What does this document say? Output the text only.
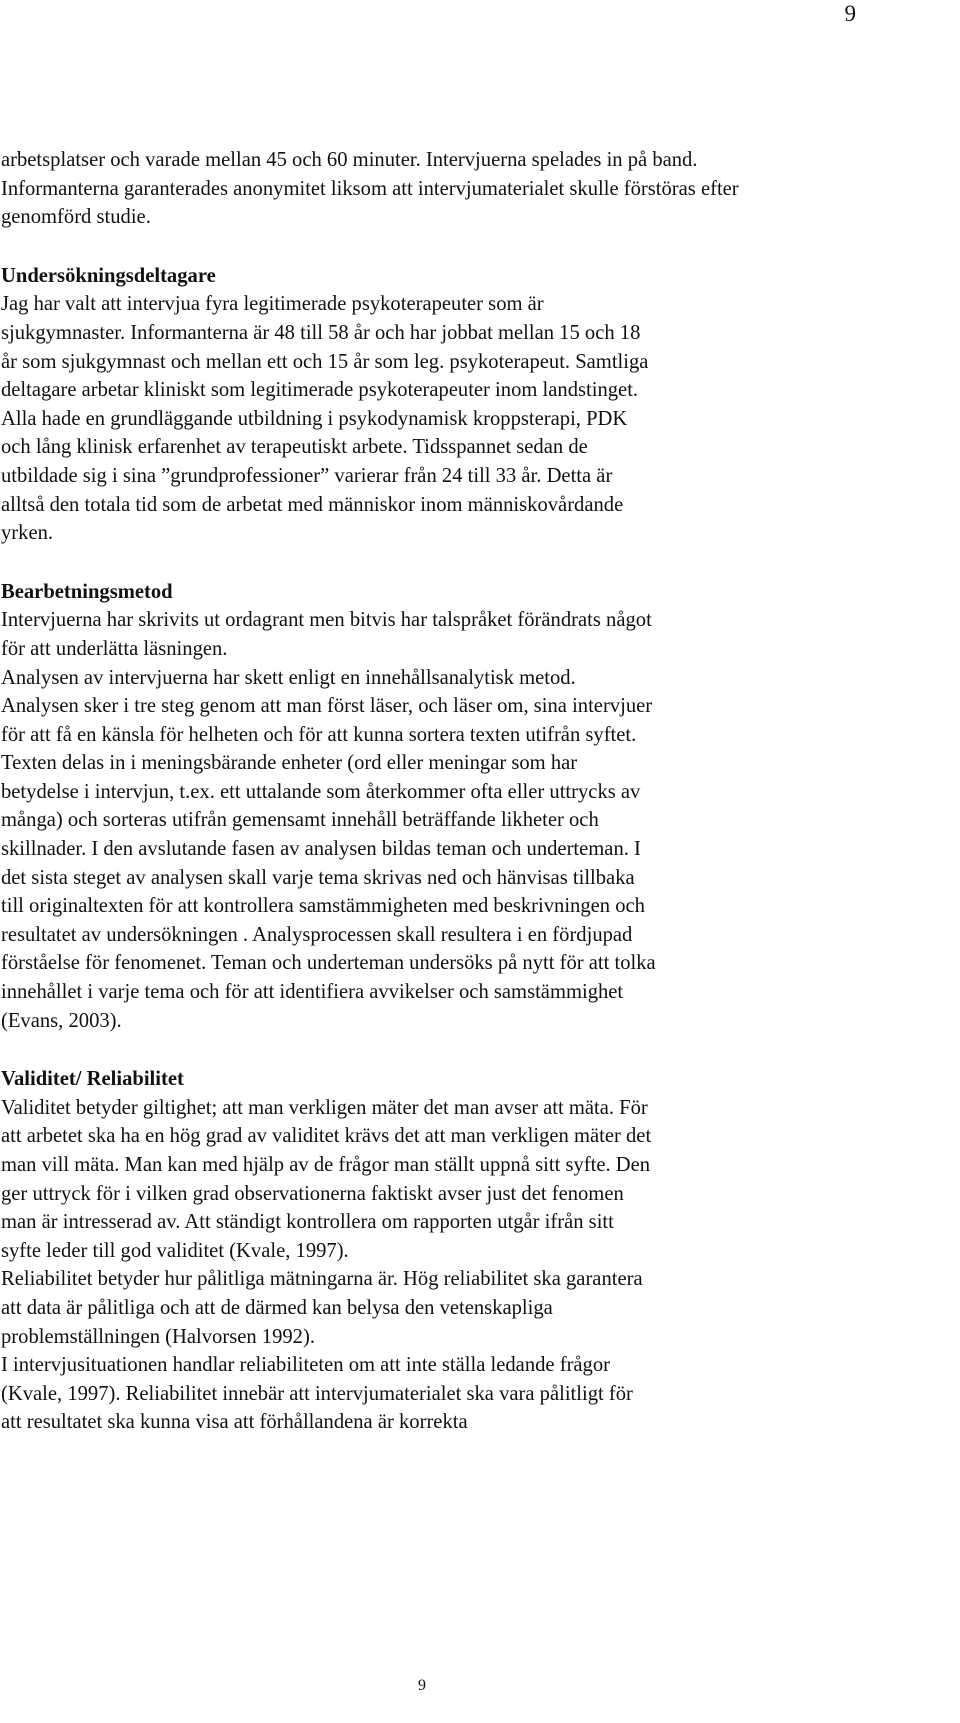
9
arbetsplatser och varade mellan 45 och 60 minuter. Intervjuerna spelades in på band.
Informanterna garanterades anonymitet liksom att intervjumaterialet skulle förstöras efter
genomförd studie.
Undersökningsdeltagare
Jag har valt att intervjua fyra legitimerade psykoterapeuter som är
sjukgymnaster. Informanterna är 48 till 58 år och har jobbat mellan 15 och 18
år som sjukgymnast och mellan ett och 15 år som leg. psykoterapeut. Samtliga
deltagare arbetar kliniskt som legitimerade psykoterapeuter inom landstinget.
Alla hade en grundläggande utbildning i psykodynamisk kroppsterapi, PDK
och lång klinisk erfarenhet av terapeutiskt arbete. Tidsspannet sedan de
utbildade sig i sina ”grundprofessioner” varierar från 24 till 33 år. Detta är
alltså den totala tid som de arbetat med människor inom människovårdande
yrken.
Bearbetningsmetod
Intervjuerna har skrivits ut ordagrant men bitvis har talspråket förändrats något
för att underlätta läsningen.
Analysen av intervjuerna har skett enligt en innehållsanalytisk metod.
Analysen sker i tre steg genom att man först läser, och läser om, sina intervjuer
för att få en känsla för helheten och för att kunna sortera texten utifrån syftet.
Texten delas in i meningsbärande enheter (ord eller meningar som har
betydelse i intervjun, t.ex. ett uttalande som återkommer ofta eller uttrycks av
många) och sorteras utifrån gemensamt innehåll beträffande likheter och
skillnader. I den avslutande fasen av analysen bildas teman och underteman. I
det sista steget av analysen skall varje tema skrivas ned och hänvisas tillbaka
till originaltexten för att kontrollera samstämmigheten med beskrivningen och
resultatet av undersökningen . Analysprocessen skall resultera i en fördjupad
förståelse för fenomenet. Teman och underteman undersöks på nytt för att tolka
innehållet i varje tema och för att identifiera avvikelser och samstämmighet
(Evans, 2003).
Validitet/ Reliabilitet
Validitet betyder giltighet; att man verkligen mäter det man avser att mäta. För
att arbetet ska ha en hög grad av validitet krävs det att man verkligen mäter det
man vill mäta. Man kan med hjälp av de frågor man ställt uppnå sitt syfte. Den
ger uttryck för i vilken grad observationerna faktiskt avser just det fenomen
man är intresserad av. Att ständigt kontrollera om rapporten utgår ifrån sitt
syfte leder till god validitet (Kvale, 1997).
Reliabilitet betyder hur pålitliga mätningarna är. Hög reliabilitet ska garantera
att data är pålitliga och att de därmed kan belysa den vetenskapliga
problemställningen (Halvorsen 1992).
I intervjusituationen handlar reliabiliteten om att inte ställa ledande frågor
(Kvale, 1997). Reliabilitet innebär att intervjumaterialet ska vara pålitligt för
att resultatet ska kunna visa att förhållandena är korrekta
9
